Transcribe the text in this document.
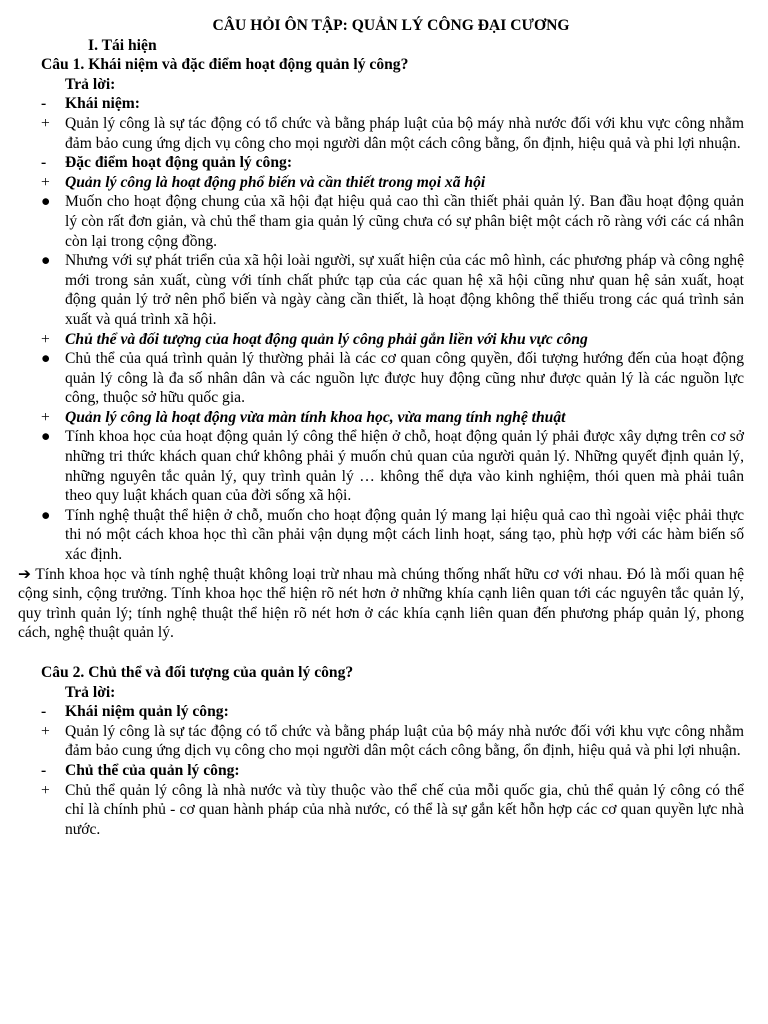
CÂU HỎI ÔN TẬP: QUẢN LÝ CÔNG ĐẠI CƯƠNG
I. Tái hiện
Câu 1. Khái niệm và đặc điểm hoạt động quản lý công?
Trả lời:
-	Khái niệm:
+ Quản lý công là sự tác động có tổ chức và bằng pháp luật của bộ máy nhà nước đối với khu vực công nhằm đảm bảo cung ứng dịch vụ công cho mọi người dân một cách công bằng, ổn định, hiệu quả và phi lợi nhuận.
-	Đặc điểm hoạt động quản lý công:
+ Quản lý công là hoạt động phổ biến và cần thiết trong mọi xã hội
● Muốn cho hoạt động chung của xã hội đạt hiệu quả cao thì cần thiết phải quản lý. Ban đầu hoạt động quản lý còn rất đơn giản, và chủ thể tham gia quản lý cũng chưa có sự phân biệt một cách rõ ràng với các cá nhân còn lại trong cộng đồng.
● Nhưng với sự phát triển của xã hội loài người, sự xuất hiện của các mô hình, các phương pháp và công nghệ mới trong sản xuất, cùng với tính chất phức tạp của các quan hệ xã hội cũng như quan hệ sản xuất, hoạt động quản lý trở nên phổ biến và ngày càng cần thiết, là hoạt động không thể thiếu trong các quá trình sản xuất và quá trình xã hội.
+ Chủ thể và đối tượng của hoạt động quản lý công phải gắn liền với khu vực công
● Chủ thể của quá trình quản lý thường phải là các cơ quan công quyền, đối tượng hướng đến của hoạt động quản lý công là đa số nhân dân và các nguồn lực được huy động cũng như được quản lý là các nguồn lực công, thuộc sở hữu quốc gia.
+ Quản lý công là hoạt động vừa màn tính khoa học, vừa mang tính nghệ thuật
● Tính khoa học của hoạt động quản lý công thể hiện ở chỗ, hoạt động quản lý phải được xây dựng trên cơ sở những tri thức khách quan chứ không phải ý muốn chủ quan của người quản lý. Những quyết định quản lý, những nguyên tắc quản lý, quy trình quản lý … không thể dựa vào kinh nghiệm, thói quen mà phải tuân theo quy luật khách quan của đời sống xã hội.
● Tính nghệ thuật thể hiện ở chỗ, muốn cho hoạt động quản lý mang lại hiệu quả cao thì ngoài việc phải thực thi nó một cách khoa học thì cần phải vận dụng một cách linh hoạt, sáng tạo, phù hợp với các hàm biến số xác định.
➔ Tính khoa học và tính nghệ thuật không loại trừ nhau mà chúng thống nhất hữu cơ với nhau. Đó là mối quan hệ cộng sinh, cộng trưởng. Tính khoa học thể hiện rõ nét hơn ở những khía cạnh liên quan tới các nguyên tắc quản lý, quy trình quản lý; tính nghệ thuật thể hiện rõ nét hơn ở các khía cạnh liên quan đến phương pháp quản lý, phong cách, nghệ thuật quản lý.
Câu 2. Chủ thể và đối tượng của quản lý công?
Trả lời:
-	Khái niệm quản lý công:
+ Quản lý công là sự tác động có tổ chức và bằng pháp luật của bộ máy nhà nước đối với khu vực công nhằm đảm bảo cung ứng dịch vụ công cho mọi người dân một cách công bằng, ổn định, hiệu quả và phi lợi nhuận.
-	Chủ thể của quản lý công:
+ Chủ thể quản lý công là nhà nước và tùy thuộc vào thể chế của mỗi quốc gia, chủ thể quản lý công có thể chỉ là chính phủ - cơ quan hành pháp của nhà nước, có thể là sự gắn kết hỗn hợp các cơ quan quyền lực nhà nước.
